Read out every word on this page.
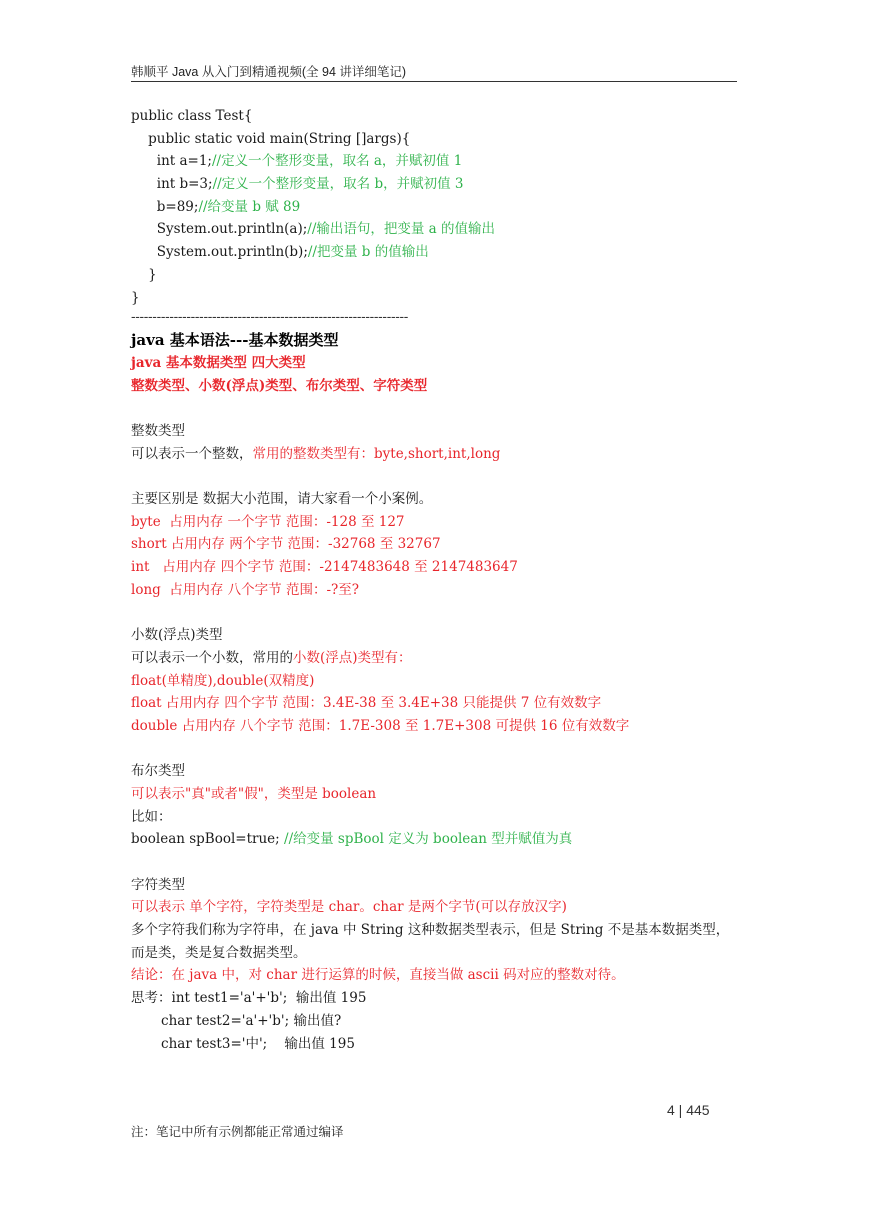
韩顺平 Java 从入门到精通视频(全 94 讲详细笔记)
public class Test{
public static void main(String []args){
int a=1;//定义一个整形变量，取名 a，并赋初值 1
int b=3;//定义一个整形变量，取名 b，并赋初值 3
b=89;//给变量 b 赋 89
System.out.println(a);//输出语句，把变量 a 的值输出
System.out.println(b);//把变量 b 的值输出
}
}
-----------------------------------------------------------------
java 基本语法---基本数据类型
java 基本数据类型 四大类型
整数类型、小数(浮点)类型、布尔类型、字符类型
整数类型
可以表示一个整数，常用的整数类型有：byte,short,int,long
主要区别是 数据大小范围，请大家看一个小案例。
byte  占用内存 一个字节 范围：-128 至 127
short 占用内存 两个字节 范围：-32768 至 32767
int   占用内存 四个字节 范围：-2147483648 至 2147483647
long  占用内存 八个字节 范围：-?至?
小数(浮点)类型
可以表示一个小数，常用的小数(浮点)类型有：
float(单精度),double(双精度)
float 占用内存 四个字节 范围：3.4E-38 至 3.4E+38 只能提供 7 位有效数字
double 占用内存 八个字节 范围：1.7E-308 至 1.7E+308 可提供 16 位有效数字
布尔类型
可以表示"真"或者"假"，类型是 boolean
比如：
boolean spBool=true; //给变量 spBool 定义为 boolean 型并赋值为真
字符类型
可以表示 单个字符，字符类型是 char。char 是两个字节(可以存放汉字)
多个字符我们称为字符串，在 java 中 String 这种数据类型表示，但是 String 不是基本数据类型，而是类，类是复合数据类型。
结论：在 java 中，对 char 进行运算的时候，直接当做 ascii 码对应的整数对待。
思考：int test1='a'+'b';  输出值 195
char test2='a'+'b'; 输出值?
char test3='中';    输出值 195
4 | 445
注：笔记中所有示例都能正常通过编译
